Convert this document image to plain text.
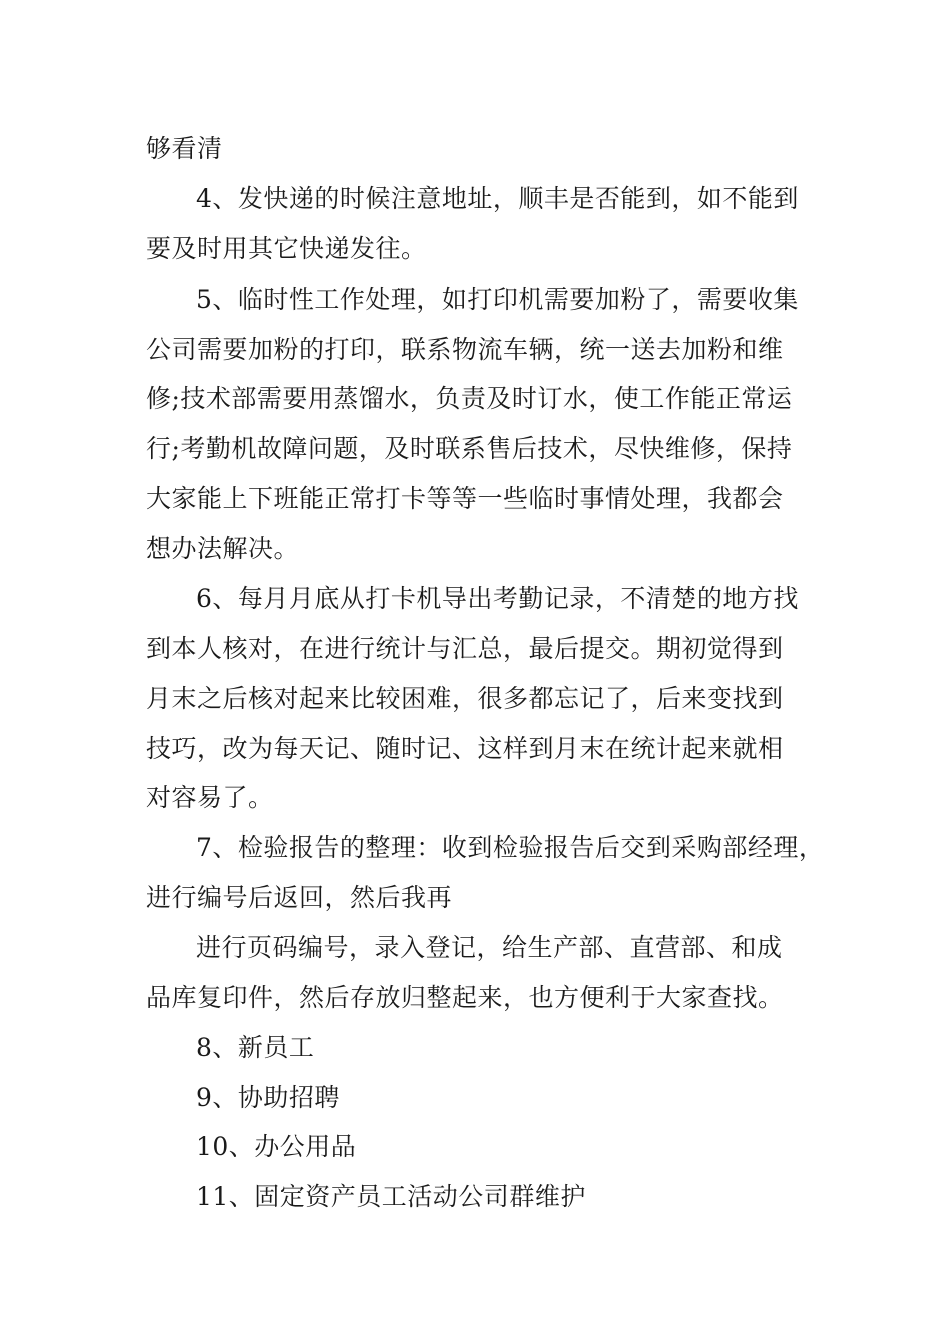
够看清
4、发快递的时候注意地址，顺丰是否能到，如不能到
要及时用其它快递发往。
5、临时性工作处理，如打印机需要加粉了，需要收集
公司需要加粉的打印，联系物流车辆，统一送去加粉和维
修;技术部需要用蒸馏水，负责及时订水，使工作能正常运
行;考勤机故障问题，及时联系售后技术，尽快维修，保持
大家能上下班能正常打卡等等一些临时事情处理，我都会
想办法解决。
6、每月月底从打卡机导出考勤记录，不清楚的地方找
到本人核对，在进行统计与汇总，最后提交。期初觉得到
月末之后核对起来比较困难，很多都忘记了，后来变找到
技巧，改为每天记、随时记、这样到月末在统计起来就相
对容易了。
7、检验报告的整理：收到检验报告后交到采购部经理，
进行编号后返回，然后我再
进行页码编号，录入登记，给生产部、直营部、和成
品库复印件，然后存放归整起来，也方便利于大家查找。
8、新员工
9、协助招聘
10、办公用品
11、固定资产员工活动公司群维护
